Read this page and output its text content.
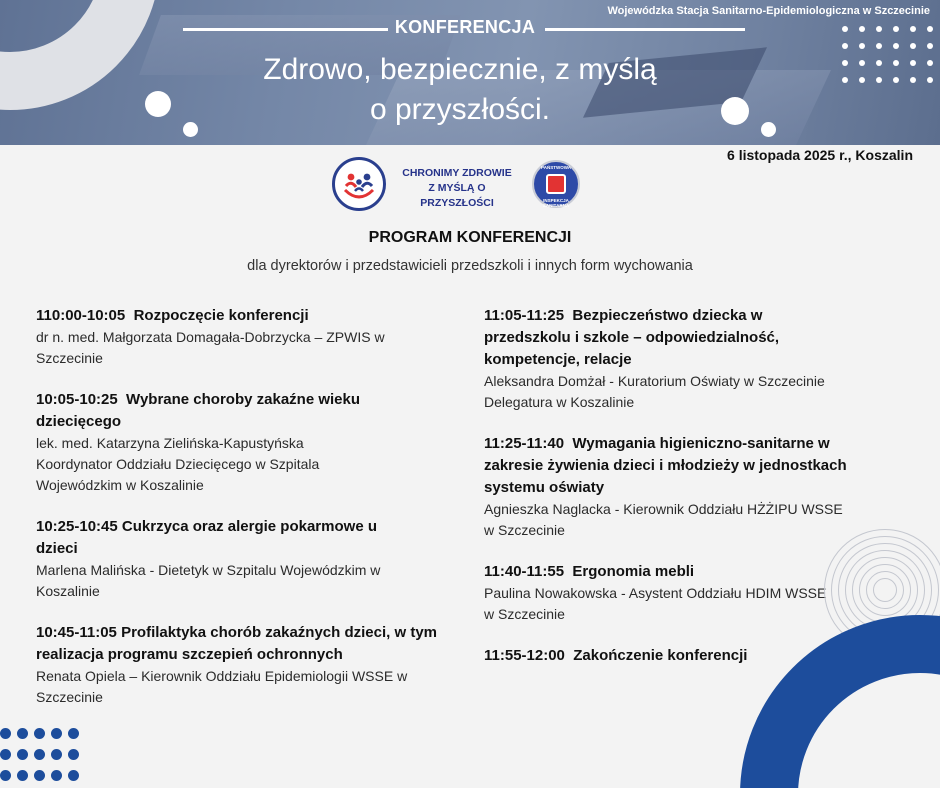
KONFERENCJA
Wojewódzka Stacja Sanitarno-Epidemiologiczna w Szczecinie
Zdrowo, bezpiecznie, z myślą
o przyszłości.
6 listopada 2025 r., Koszalin
CHRONIMY ZDROWIE
Z MYŚLĄ O PRZYSZŁOŚCI
PAŃSTWOWA
INSPEKCJA SANITARNA
PROGRAM KONFERENCJI
dla dyrektorów i przedstawicieli przedszkoli i innych form wychowania
110:00-10:05  Rozpoczęcie konferencji
dr n. med. Małgorzata Domagała-Dobrzycka – ZPWIS w Szczecinie
10:05-10:25  Wybrane choroby zakaźne wieku dziecięcego
lek. med. Katarzyna Zielińska-Kapustyńska Koordynator Oddziału Dziecięcego w Szpitala Wojewódzkim w Koszalinie
10:25-10:45 Cukrzyca oraz alergie pokarmowe u dzieci
Marlena Malińska - Dietetyk w Szpitalu Wojewódzkim w Koszalinie
10:45-11:05 Profilaktyka chorób zakaźnych dzieci, w tym realizacja programu szczepień ochronnych
Renata Opiela – Kierownik Oddziału Epidemiologii WSSE w Szczecinie
11:05-11:25  Bezpieczeństwo dziecka w przedszkolu i szkole – odpowiedzialność, kompetencje, relacje
Aleksandra Domżał - Kuratorium Oświaty w Szczecinie Delegatura w Koszalinie
11:25-11:40  Wymagania higieniczno-sanitarne w zakresie żywienia dzieci i młodzieży w jednostkach systemu oświaty
Agnieszka Naglacka - Kierownik Oddziału HŻŻIPU WSSE w Szczecinie
11:40-11:55  Ergonomia mebli
Paulina Nowakowska - Asystent Oddziału HDIM WSSE w Szczecinie
11:55-12:00  Zakończenie konferencji
